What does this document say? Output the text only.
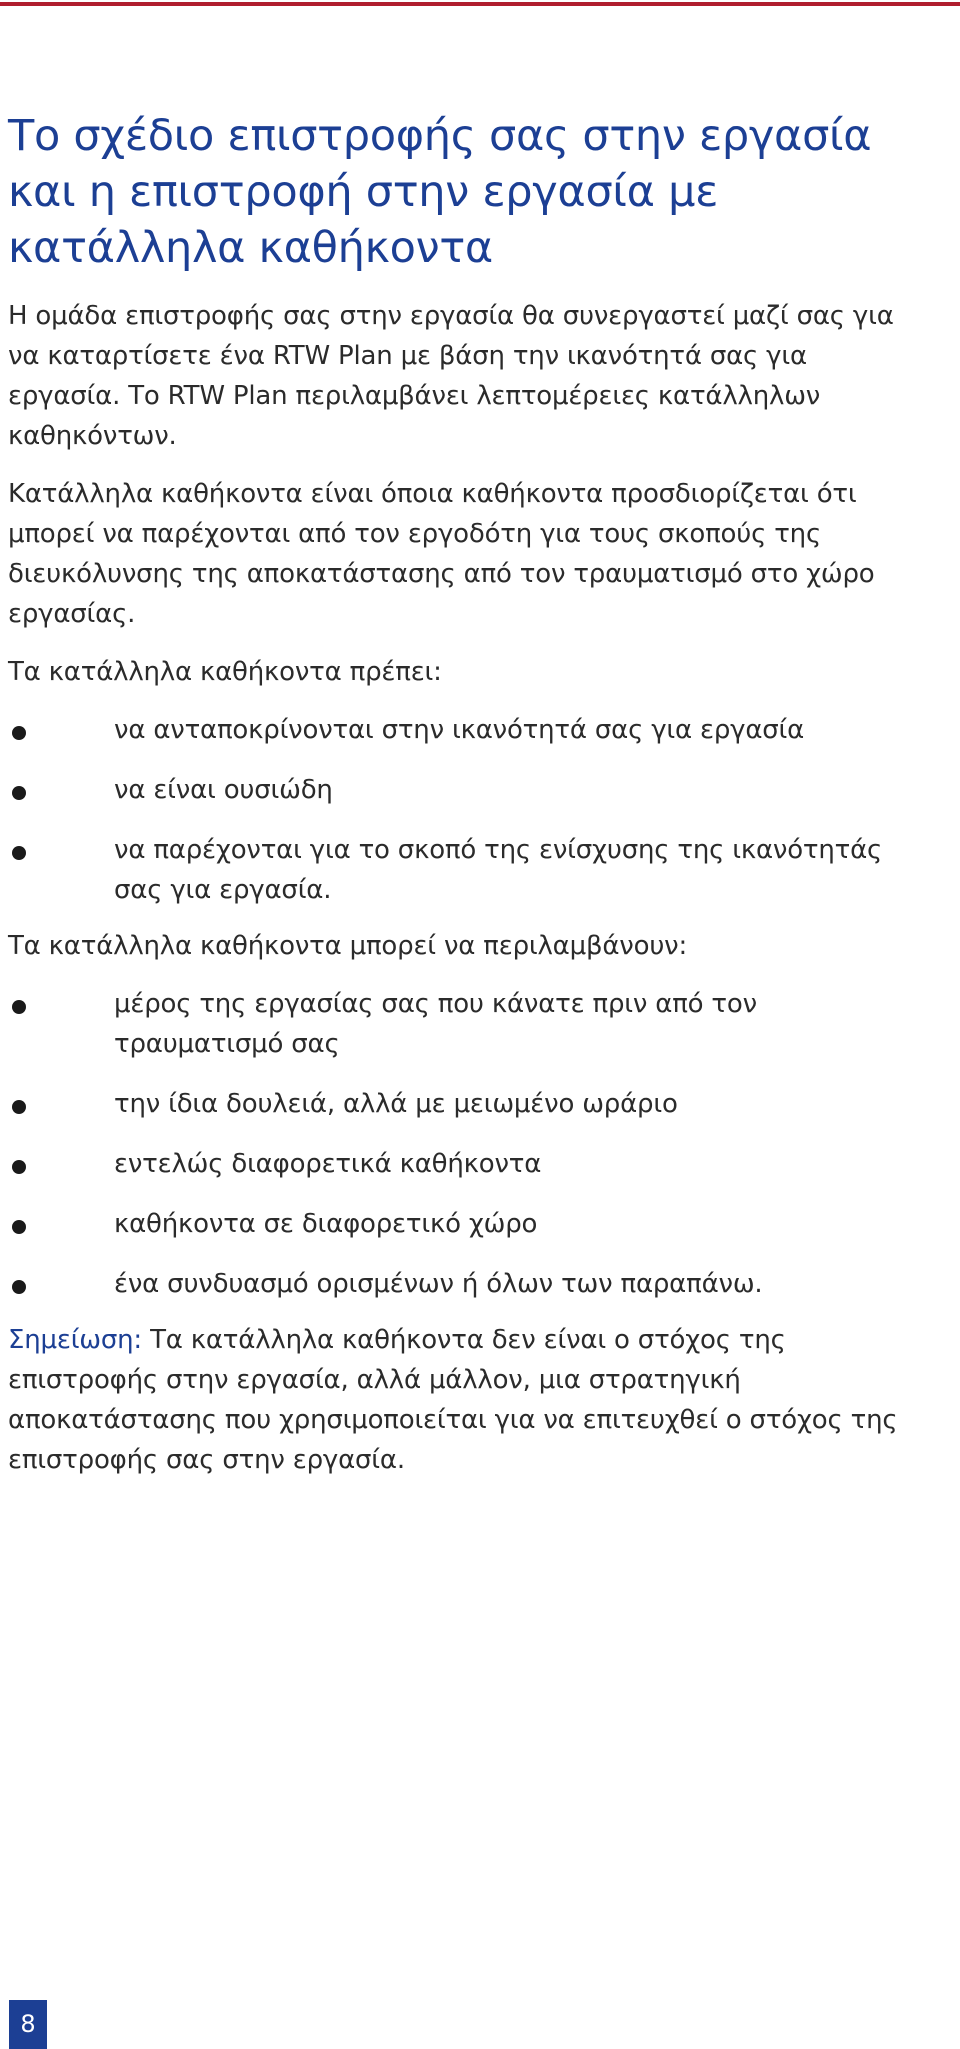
Το σχέδιο επιστροφής σας στην εργασία και η επιστροφή στην εργασία με κατάλληλα καθήκοντα

Η ομάδα επιστροφής σας στην εργασία θα συνεργαστεί μαζί σας για να καταρτίσετε ένα RTW Plan με βάση την ικανότητά σας για εργασία. Το RTW Plan περιλαμβάνει λεπτομέρειες κατάλληλων καθηκόντων.

Κατάλληλα καθήκοντα είναι όποια καθήκοντα προσδιορίζεται ότι μπορεί να παρέχονται από τον εργοδότη για τους σκοπούς της διευκόλυνσης της αποκατάστασης από τον τραυματισμό στο χώρο εργασίας.

Τα κατάλληλα καθήκοντα πρέπει:

να ανταποκρίνονται στην ικανότητά σας για εργασία
να είναι ουσιώδη
να παρέχονται για το σκοπό της ενίσχυσης της ικανότητάς σας για εργασία.

Τα κατάλληλα καθήκοντα μπορεί να περιλαμβάνουν:

μέρος της εργασίας σας που κάνατε πριν από τον τραυματισμό σας
την ίδια δουλειά, αλλά με μειωμένο ωράριο
εντελώς διαφορετικά καθήκοντα
καθήκοντα σε διαφορετικό χώρο
ένα συνδυασμό ορισμένων ή όλων των παραπάνω.

Σημείωση: Τα κατάλληλα καθήκοντα δεν είναι ο στόχος της επιστροφής στην εργασία, αλλά μάλλον, μια στρατηγική αποκατάστασης που χρησιμοποιείται για να επιτευχθεί ο στόχος της επιστροφής σας στην εργασία.

8
